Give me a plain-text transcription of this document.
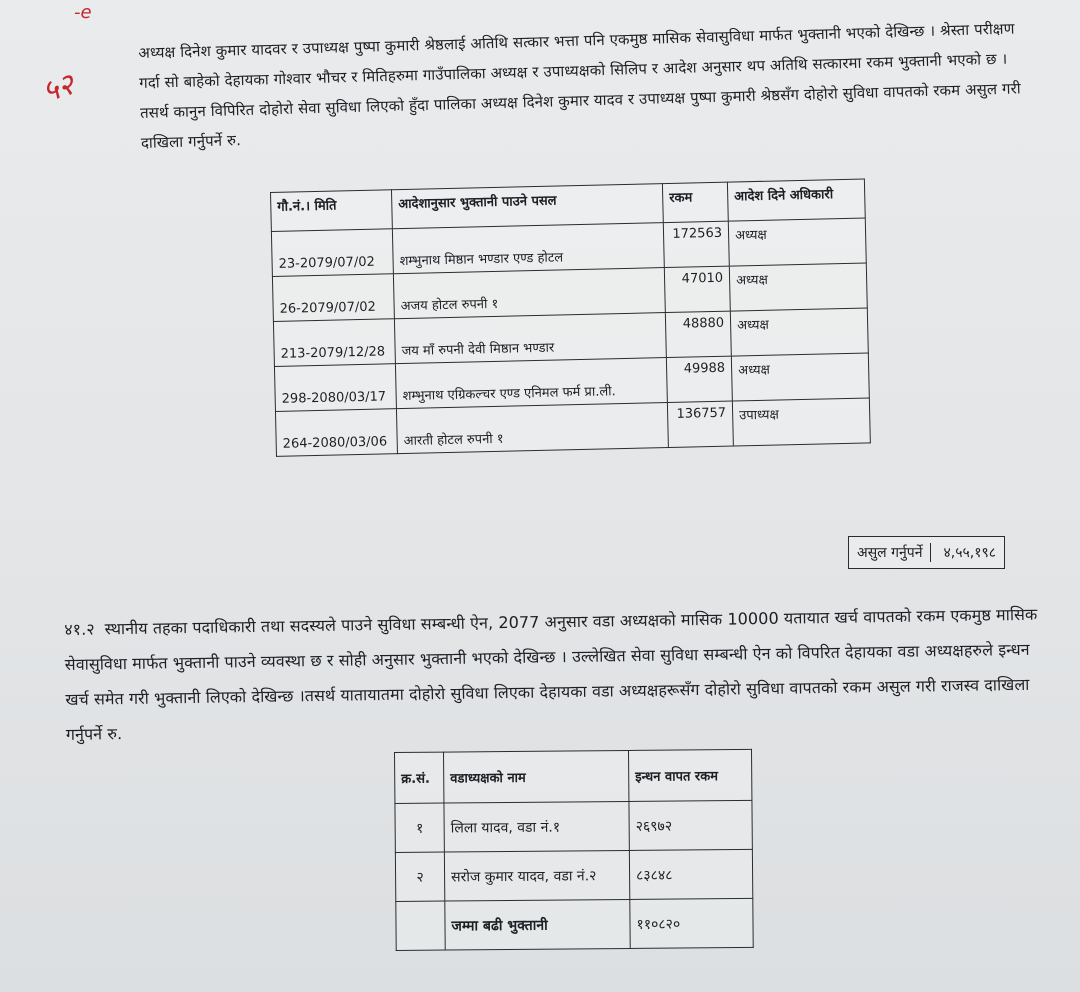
-e
५२

अध्यक्ष दिनेश कुमार यादवर र उपाध्यक्ष पुष्पा कुमारी श्रेष्ठलाई अतिथि सत्कार भत्ता पनि एकमुष्ठ मासिक सेवासुविधा मार्फत भुक्तानी भएको देखिन्छ । श्रेस्ता परीक्षण गर्दा सो बाहेको देहायका गोश्वार भौचर र मितिहरुमा गाउँपालिका अध्यक्ष र उपाध्यक्षको सिलिप र आदेश अनुसार थप अतिथि सत्कारमा रकम भुक्तानी भएको छ । तसर्थ कानुन विपिरित दोहोरो सेवा सुविधा लिएको हुँदा पालिका अध्यक्ष दिनेश कुमार यादव र उपाध्यक्ष पुष्पा कुमारी श्रेष्ठसँग दोहोरो सुविधा वापतको रकम असुल गरी दाखिला गर्नुपर्ने रु.

गौ.नं.। मिति	आदेशानुसार भुक्तानी पाउने पसल	रकम	आदेश दिने अधिकारी
23-2079/07/02	शम्भुनाथ मिष्ठान भण्डार एण्ड होटल	172563	अध्यक्ष
26-2079/07/02	अजय होटल रुपनी १	47010	अध्यक्ष
213-2079/12/28	जय माँ रुपनी देवी मिष्ठान भण्डार	48880	अध्यक्ष
298-2080/03/17	शम्भुनाथ एग्रिकल्चर एण्ड एनिमल फर्म प्रा.ली.	49988	अध्यक्ष
264-2080/03/06	आरती होटल रुपनी १	136757	उपाध्यक्ष
असुल गर्नुपर्ने	४,५५,१९८

४१.२ स्थानीय तहका पदाधिकारी तथा सदस्यले पाउने सुविधा सम्बन्धी ऐन, 2077 अनुसार वडा अध्यक्षको मासिक 10000 यतायात खर्च वापतको रकम एकमुष्ठ मासिक सेवासुविधा मार्फत भुक्तानी पाउने व्यवस्था छ र सोही अनुसार भुक्तानी भएको देखिन्छ । उल्लेखित सेवा सुविधा सम्बन्धी ऐन को विपरित देहायका वडा अध्यक्षहरुले इन्धन खर्च समेत गरी भुक्तानी लिएको देखिन्छ ।तसर्थ यातायातमा दोहोरो सुविधा लिएका देहायका वडा अध्यक्षहरूसँग दोहोरो सुविधा वापतको रकम असुल गरी राजस्व दाखिला गर्नुपर्ने रु.

क्र.सं.	वडाध्यक्षको नाम	इन्धन वापत रकम
१	लिला यादव, वडा नं.१	२६९७२
२	सरोज कुमार यादव, वडा नं.२	८३८४८
	जम्मा बढी भुक्तानी	११०८२०
